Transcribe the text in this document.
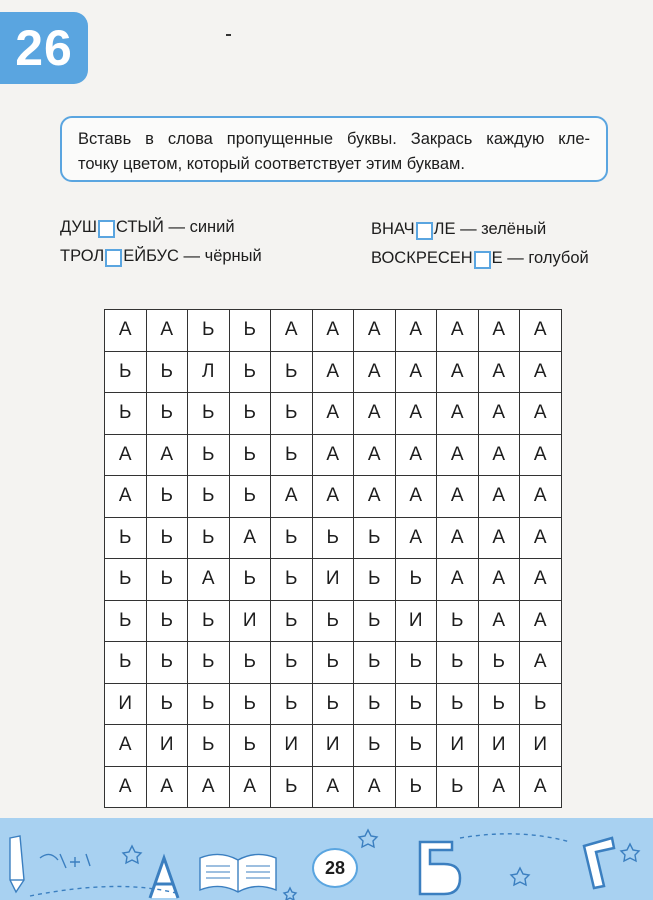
26
Вставь в слова пропущенные буквы. Закрась каждую кле-
точку цветом, который соответствует этим буквам.
ДУШ СТЫЙ — синий
ТРОЛ ЕЙБУС — чёрный
ВНАЧ ЛЕ — зелёный
ВОСКРЕСЕН Е — голубой
А	А	Ь	Ь	А	А	А	А	А	А	А
Ь	Ь	Л	Ь	Ь	А	А	А	А	А	А
Ь	Ь	Ь	Ь	Ь	А	А	А	А	А	А
А	А	Ь	Ь	Ь	А	А	А	А	А	А
А	Ь	Ь	Ь	А	А	А	А	А	А	А
Ь	Ь	Ь	А	Ь	Ь	Ь	А	А	А	А
Ь	Ь	А	Ь	Ь	И	Ь	Ь	А	А	А
Ь	Ь	Ь	И	Ь	Ь	Ь	И	Ь	А	А
Ь	Ь	Ь	Ь	Ь	Ь	Ь	Ь	Ь	Ь	А
И	Ь	Ь	Ь	Ь	Ь	Ь	Ь	Ь	Ь	Ь
А	И	Ь	Ь	И	И	Ь	Ь	И	И	И
А	А	А	А	Ь	А	А	Ь	Ь	А	А
28
